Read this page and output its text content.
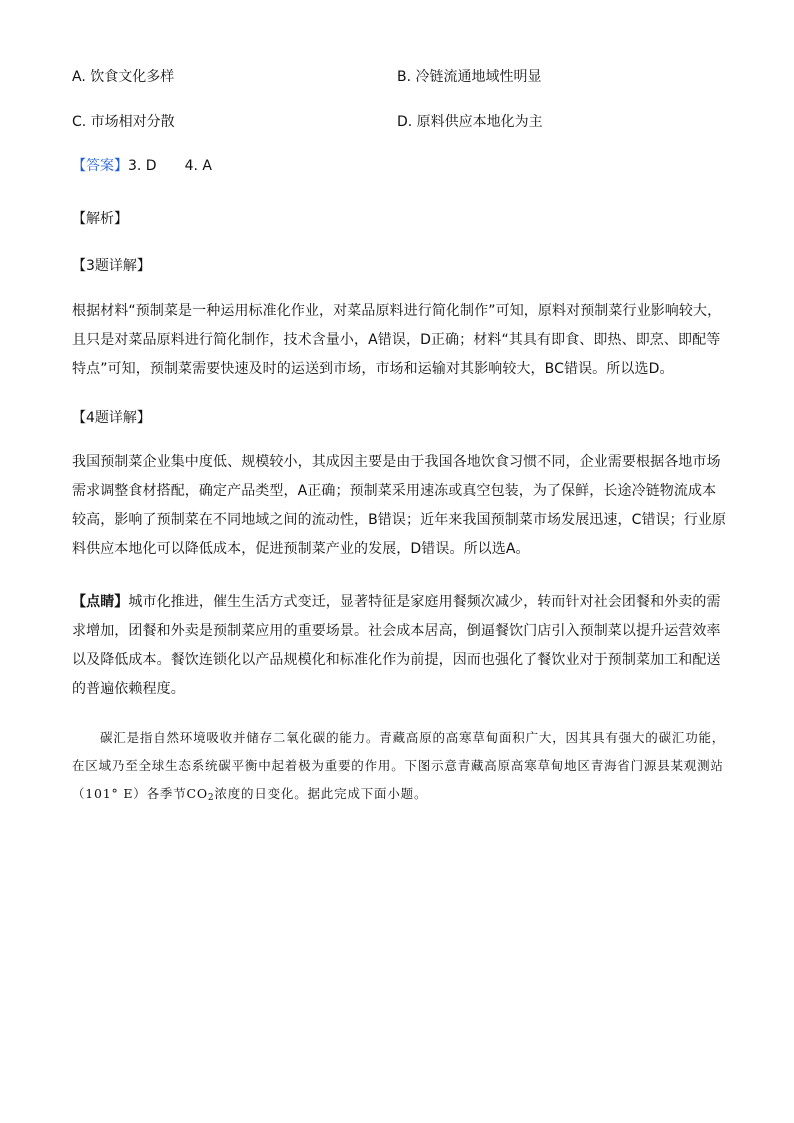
A. 饮食文化多样	B. 冷链流通地域性明显
C. 市场相对分散	D. 原料供应本地化为主
【答案】3. D 4. A
【解析】
【3题详解】
根据材料“预制菜是一种运用标准化作业，对菜品原料进行简化制作”可知，原料对预制菜行业影响较大，且只是对菜品原料进行简化制作，技术含量小，A错误，D正确；材料“其具有即食、即热、即烹、即配等特点”可知，预制菜需要快速及时的运送到市场，市场和运输对其影响较大，BC错误。所以选D。
【4题详解】
我国预制菜企业集中度低、规模较小，其成因主要是由于我国各地饮食习惯不同，企业需要根据各地市场需求调整食材搭配，确定产品类型，A正确；预制菜采用速冻或真空包装，为了保鲜，长途冷链物流成本较高，影响了预制菜在不同地域之间的流动性，B错误；近年来我国预制菜市场发展迅速，C错误；行业原料供应本地化可以降低成本，促进预制菜产业的发展，D错误。所以选A。
【点睛】城市化推进，催生生活方式变迁，显著特征是家庭用餐频次减少，转而针对社会团餐和外卖的需求增加，团餐和外卖是预制菜应用的重要场景。社会成本居高，倒逼餐饮门店引入预制菜以提升运营效率以及降低成本。餐饮连锁化以产品规模化和标准化作为前提，因而也强化了餐饮业对于预制菜加工和配送的普遍依赖程度。
碳汇是指自然环境吸收并储存二氧化碳的能力。青藏高原的高寒草甸面积广大，因其具有强大的碳汇功能，在区域乃至全球生态系统碳平衡中起着极为重要的作用。下图示意青藏高原高寒草甸地区青海省门源县某观测站（101° E）各季节$CO_2$浓度的日变化。据此完成下面小题。
